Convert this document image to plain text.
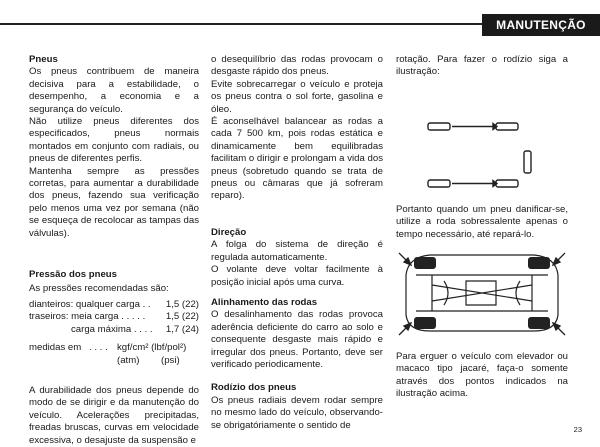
MANUTENÇÃO

Pneus

Os pneus contribuem de maneira decisiva para a estabilidade, o desempenho, a economia e a segurança do veículo.

Não utilize pneus diferentes dos especificados, pneus normais montados em conjunto com radiais, ou pneus de diferentes perfis.

Mantenha sempre as pressões corretas, para aumentar a durabilidade dos pneus, fazendo sua verificação pelo menos uma vez por semana (não se esqueça de recolocar as tampas das válvulas).

Pressão dos pneus

As pressões recomendadas são:

dianteiros: qualquer carga . .	1,5 (22)
traseiros: meia carga . . . . .	1,5 (22)
carga máxima . . . .	1,7 (24)
medidas em . . . . kgf/cm² (lbf/pol²)
(atm)	(psi)

A durabilidade dos pneus depende do modo de se dirigir e da manutenção do veículo. Acelerações precipitadas, freadas bruscas, curvas em velocidade excessiva, o desajuste da suspensão e

o desequilíbrio das rodas provocam o desgaste rápido dos pneus.

Evite sobrecarregar o veículo e proteja os pneus contra o sol forte, gasolina e óleo.

É aconselhável balancear as rodas a cada 7 500 km, pois rodas estática e dinamicamente bem equilibradas facilitam o dirigir e prolongam a vida dos pneus (sobretudo quando se trata de pneus ou câmaras que já sofreram reparo).

Direção

A folga do sistema de direção é regulada automaticamente.

O volante deve voltar facilmente à posição inicial após uma curva.

Alinhamento das rodas

O desalinhamento das rodas provoca aderência deficiente do carro ao solo e consequente desgaste mais rápido e irregular dos pneus. Portanto, deve ser verificado periodicamente.

Rodízio dos pneus

Os pneus radiais devem rodar sempre no mesmo lado do veículo, observando-se obrigatóriamente o sentido de

rotação. Para fazer o rodízio siga a ilustração:

Portanto quando um pneu danificar-se, utilize a roda sobressalente apenas o tempo necessário, até repará-lo.

Para erguer o veículo com elevador ou macaco tipo jacaré, faça-o somente através dos pontos indicados na ilustração acima.

23
